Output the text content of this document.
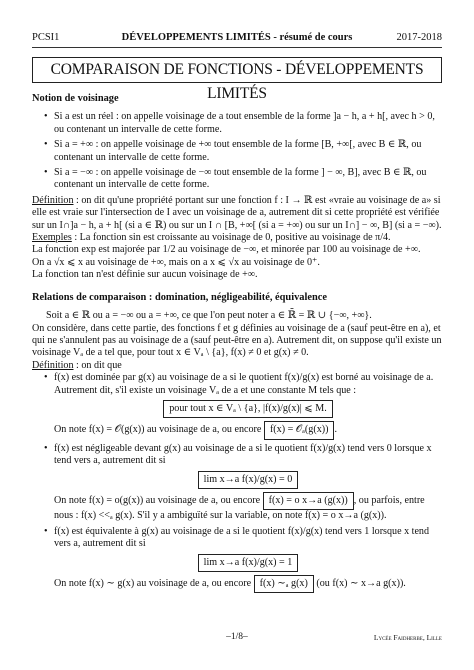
PCSI1	DÉVELOPPEMENTS LIMITÉS - résumé de cours	2017-2018
COMPARAISON DE FONCTIONS - DÉVELOPPEMENTS LIMITÉS
Notion de voisinage
• Si a est un réel : on appelle voisinage de a tout ensemble de la forme ]a − h, a + h[, avec h > 0, ou contenant un intervalle de cette forme.
• Si a = +∞ : on appelle voisinage de +∞ tout ensemble de la forme [B, +∞[, avec B ∈ ℝ, ou contenant un intervalle de cette forme.
• Si a = −∞ : on appelle voisinage de −∞ tout ensemble de la forme ] − ∞, B], avec B ∈ ℝ, ou contenant un intervalle de cette forme.

Définition : on dit qu'une propriété portant sur une fonction f : I → ℝ est «vraie au voisinage de a» si elle est vraie sur l'intersection de I avec un voisinage de a, autrement dit si cette propriété est vérifiée sur un I∩]a − h, a + h[ (si a ∈ ℝ) ou sur un I ∩ [B, +∞[ (si a = +∞) ou sur un I∩] − ∞, B] (si a = −∞).

Exemples : La fonction sin est croissante au voisinage de 0, positive au voisinage de π/4.

La fonction exp est majorée par 1/2 au voisinage de −∞, et minorée par 100 au voisinage de +∞.

On a √x ⩽ x au voisinage de +∞, mais on a x ⩽ √x au voisinage de 0⁺.

La fonction tan n'est définie sur aucun voisinage de +∞.

Relations de comparaison : domination, négligeabilité, équivalence

Soit a ∈ ℝ ou a = −∞ ou a = +∞, ce que l'on peut noter a ∈ ℝ̄ = ℝ ∪ {−∞, +∞}.

On considère, dans cette partie, des fonctions f et g définies au voisinage de a (sauf peut-être en a), et qui ne s'annulent pas au voisinage de a (sauf peut-être en a). Autrement dit, on suppose qu'il existe un voisinage Vₐ de a tel que, pour tout x ∈ Vₐ \ {a}, f(x) ≠ 0 et g(x) ≠ 0.

Définition : on dit que

• f(x) est dominée par g(x) au voisinage de a si le quotient f(x)/g(x) est borné au voisinage de a.
Autrement dit, s'il existe un voisinage Vₐ de a et une constante M tels que :
pour tout x ∈ Vₐ \ {a}, |f(x)/g(x)| ⩽ M.
On note f(x) = 𝒪(g(x)) au voisinage de a, ou encore f(x) = 𝒪ₐ(g(x)) .
• f(x) est négligeable devant g(x) au voisinage de a si le quotient f(x)/g(x) tend vers 0 lorsque x tend vers a, autrement dit si
lim x→a f(x)/g(x) = 0
On note f(x) = o(g(x)) au voisinage de a, ou encore f(x) = o x→a (g(x)) , ou parfois, entre nous : f(x) <<ₐ g(x). S'il y a ambiguïté sur la variable, on note f(x) = o x→a (g(x)).
• f(x) est équivalente à g(x) au voisinage de a si le quotient f(x)/g(x) tend vers 1 lorsque x tend vers a, autrement dit si
lim x→a f(x)/g(x) = 1
On note f(x) ∼ g(x) au voisinage de a, ou encore f(x) ∼ₐ g(x) (ou f(x) ∼ x→a g(x)).
–1/8–	Lycée Faidherbe, Lille
